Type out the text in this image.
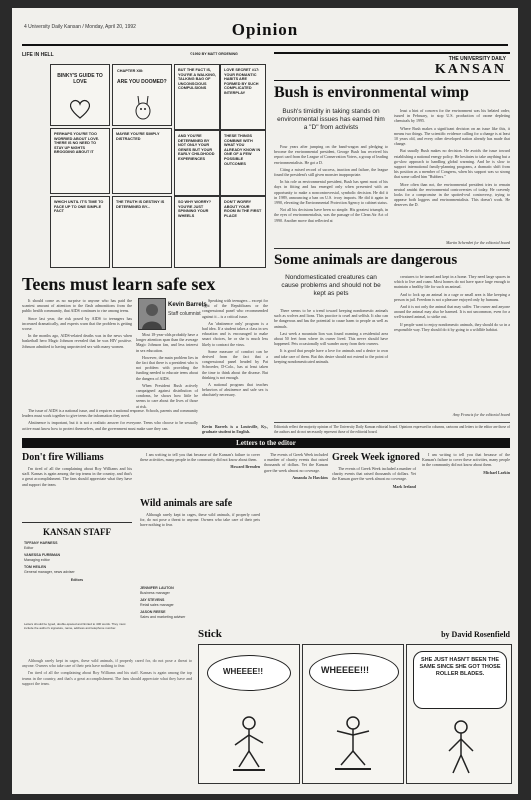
4 University Daily Kansan / Monday, April 20, 1992	Opinion
LIFE IN HELL	©1992 BY MATT GROENING
BINKY'S GUIDE TO LOVE
CHAPTER XIII:
ARE YOU DOOMED?
PERHAPS YOU'RE TOO WORRIED ABOUT LOVE. THERE IS NO NEED TO STAY UP NIGHTS BROODING ABOUT IT
MAYBE YOU'RE SIMPLY DISTRACTED
WHICH UNTIL IT'S TIME TO FACE UP TO ONE SIMPLE FACT
THE TRUTH IS DESTINY IS DETERMINED BY...
BUT THE FACT IS, YOU'RE A WALKING, TALKING BAG OF UNCONSCIOUS COMPULSIONS
LOVE SECRET #17: YOUR ROMANTIC HABITS ARE FORMED BY SUCH COMPLICATED INTERPLAY
AND YOU'RE DETERMINED BY NOT ONLY YOUR GENES BUT YOUR EARLY CHILDHOOD EXPERIENCES
THESE THINGS COMBINE WITH WHAT YOU ALREADY KNOW IN ONE OF A FEW POSSIBLE OUTCOMES
SO WHY WORRY? YOU'RE JUST SPINNING YOUR WHEELS
DON'T WORRY ABOUT YOUR ROOM IN THE FIRST PLACE
THE UNIVERSITY DAILY
KANSAN
Bush is environmental wimp
Bush's timidity in taking stands on environmental issues has earned him a "D" from activists

Four years after jumping on the band-wagon and pledging to become the environmental president, George Bush has received his report card from the League of Conservation Voters, a group of leading environmentalists. He got a D.

Citing a mixed record of success, inaction and failure, the league found the president's still given monster inappropriate.

In his role as environmental president, Bush has spent most of his days in fitting and has emerged only when presented with an opportunity to make a noncontroversial, symbolic decision. He did it in 1989, announcing a ban on U.S. ivory imports. He did it again in 1990, elevating the Environmental Protection Agency to cabinet status.

Not all his decisions have been so simple. His greatest triumph, in the eyes of environmentalists, was the passage of the Clean Air Act of 1990. Another move that reflected at

least a hint of concern for the environment was his belated order, issued in February, to stop U.S. production of ozone depleting chemicals by 1995.

Where Bush makes a significant decision on an issue like this, it means two things. The scientific evidence calling for a change is at least 10 years old, and every other developed nation already has made that change.

But usually Bush makes no decision. He avoids the issue toward establishing a national energy policy. He hesitates to take anything but a go-slow approach to handling global warming. And he is slow to support international family-planning programs, a dramatic shift from his position as a member of Congress, when his support was so strong that some called him "Rubbers."

More often than not, the environmental president tries to remain neutral amidst the environmental controversies of today. He cravenly looks for a compromise in the spotted-owl controversy, trying to appease both loggers and environmentalists. This doesn't work. He deserves the D.

Martin Schembri for the editorial board
Some animals are dangerous
Nondomesticated creatures can cause problems and should not be kept as pets

There seems to be a trend toward keeping nondomestic animals such as wolves and lions. This practice is cruel and selfish. It also can be dangerous and has the potential to cause harm to people as well as animals.

Last week a mountain lion was found roaming a residential area about 50 feet from where its owner lived. This never should have happened. Pets occasionally will wander away from their owners.

It is good that people have a love for animals and a desire to own and take care of them. But this desire should not extend to the point of keeping nondomesticated animals.

creatures to be tamed and kept in a home. They need large spaces in which to live and roam. Most homes do not have space large enough to maintain a healthy life for such an animal.

And to lock up an animal in a cage or small area is like keeping a person in jail. Freedom is not a pleasure enjoyed only by humans.

And it is not only the animal that may suffer. The owner and anyone around the animal may also be harmed. It is not uncommon, even for a well-trained animal, to strike out.

If people want to enjoy nondomestic animals, they should do so in a responsible way. They should do it by going to a wildlife habitat.

Amy Francis for the editorial board
Editorials reflect the majority opinion of The University Daily Kansan editorial board. Opinions expressed in columns, cartoons and letters to the editor are those of the authors and do not necessarily represent those of the editorial board.
Teens must learn safe sex
Kevin Barrels
Staff columnist

It should come as no surprise to anyone who has paid the scantest amount of attention to the flash admonitions from the public health community, that AIDS continues to rise among teens.

Since last year, the risk posed by AIDS to teenagers has increased dramatically, and experts warn that the problem is getting worse.

In the months ago, AIDS-related deaths was in the news when basketball hero Magic Johnson revealed that he was HIV positive. Johnson admitted to having unprotected sex with many women.

Most 18-year-olds probably have a longer attention span than the average Magic Johnson fan, and less interest in sex education.

However, the main problem lies in the fact that there is a president who is not problem with providing the funding needed to educate teens about the dangers of AIDS.

When President Bush actively campaigned against distribution of condoms, he shows how little he seems to care about the lives of those at risk.

Speaking with teenagers – except for right of the Republicans or the congressional panel who recommended against it – is a critical issue.

An 'abstinence only' program is a bad idea. If a student takes a class in sex education and is encouraged to make smart choices, he or she is much less likely to contract the virus.

Some measure of comfort can be derived from the fact that a congressional panel headed by Pat Schroeder, D-Colo., has at least taken the time to think about the disease. But thinking is not enough.

A national program that teaches behaviors of abstinence and safe sex is absolutely necessary.

The issue of AIDS is a national issue, and it requires a national response. Schools, parents and community leaders must work together to give teens the information they need.

Abstinence is important, but it is not a realistic answer for everyone. Teens who choose to be sexually active must know how to protect themselves, and the government must make sure they can.	Kevin Barrels is a Louisville, Ky., graduate student in English.
Letters to the editor
Don't fire Williams

I'm tired of all the complaining about Roy Williams and his staff. Kansas is again among the top teams in the country, and that's a great accomplishment. The fans should appreciate what they have and support the team.

I am writing to tell you that because of the Kansan's failure to cover these activities, many people in the community did not know about them.

Howard Brenden

Wild animals are safe

Although rarely kept in cages, these wild animals, if properly cared for, do not pose a threat to anyone. Owners who take care of their pets have nothing to fear.

The events of Greek Week included a number of charity events that raised thousands of dollars. Yet the Kansan gave the week almost no coverage.

Amanda Jo Hawkins

Greek Week ignored

The events of Greek Week included a number of charity events that raised thousands of dollars. Yet the Kansan gave the week almost no coverage.

Mark Ireland

I am writing to tell you that because of the Kansan's failure to cover these activities, many people in the community did not know about them.

Michael Larkin

KANSAN STAFF
TIFFANY HARNESS
Editor
VANESSA FURBMAN
Managing editor
TOM HEILEN
General manager, news adviser
Editors
Letters should be typed, double-spaced and limited to 400 words. They must include the author's signature, name, address and telephone number.
JENNIFER LAUTON
Business manager
JAY STEVENS
Retail sales manager
JASON REESE
Sales and marketing adviser
Stick	by David Rosenfield
WHEEEE!!	WHEEEE!!!
SHE JUST HASN'T BEEN THE SAME SINCE SHE GOT THOSE ROLLER BLADES.

Although rarely kept in cages, these wild animals, if properly cared for, do not pose a threat to anyone. Owners who take care of their pets have nothing to fear.

I'm tired of all the complaining about Roy Williams and his staff. Kansas is again among the top teams in the country, and that's a great accomplishment. The fans should appreciate what they have and support the team.
